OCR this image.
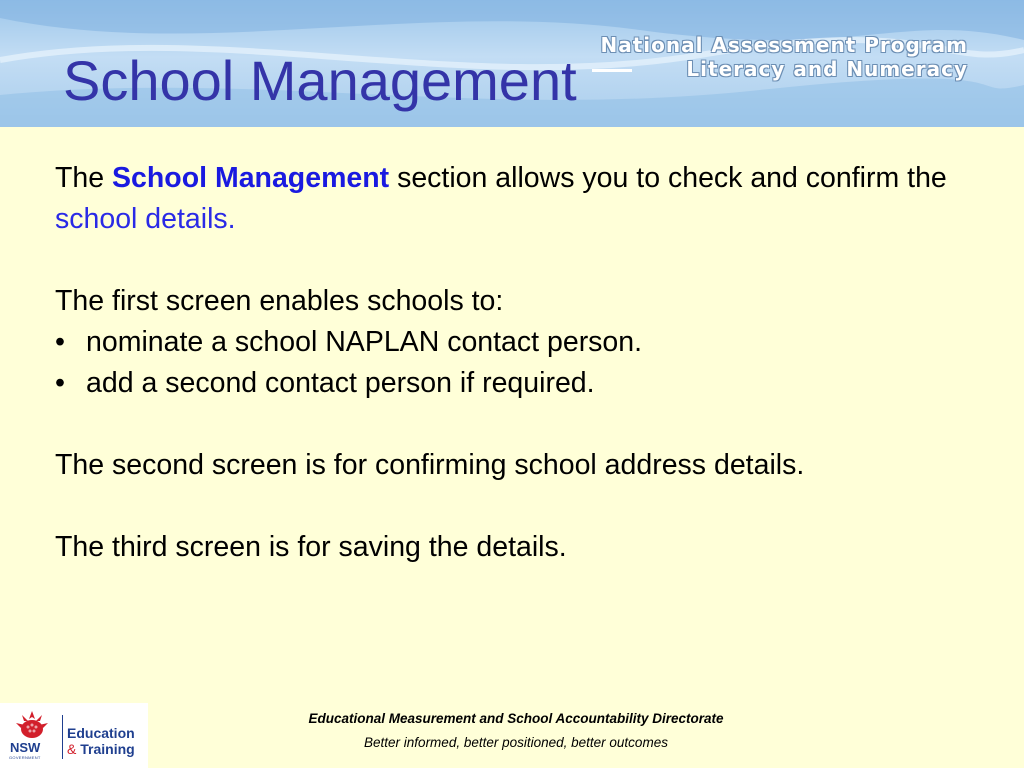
National Assessment Program
Literacy and Numeracy
School Management

The School Management section allows you to check and confirm the school details.

The first screen enables schools to:

• nominate a school NAPLAN contact person.
• add a second contact person if required.

The second screen is for confirming school address details.

The third screen is for saving the details.

NSW
GOVERNMENT
Education
& Training
Educational Measurement and School Accountability Directorate
Better informed, better positioned, better outcomes
